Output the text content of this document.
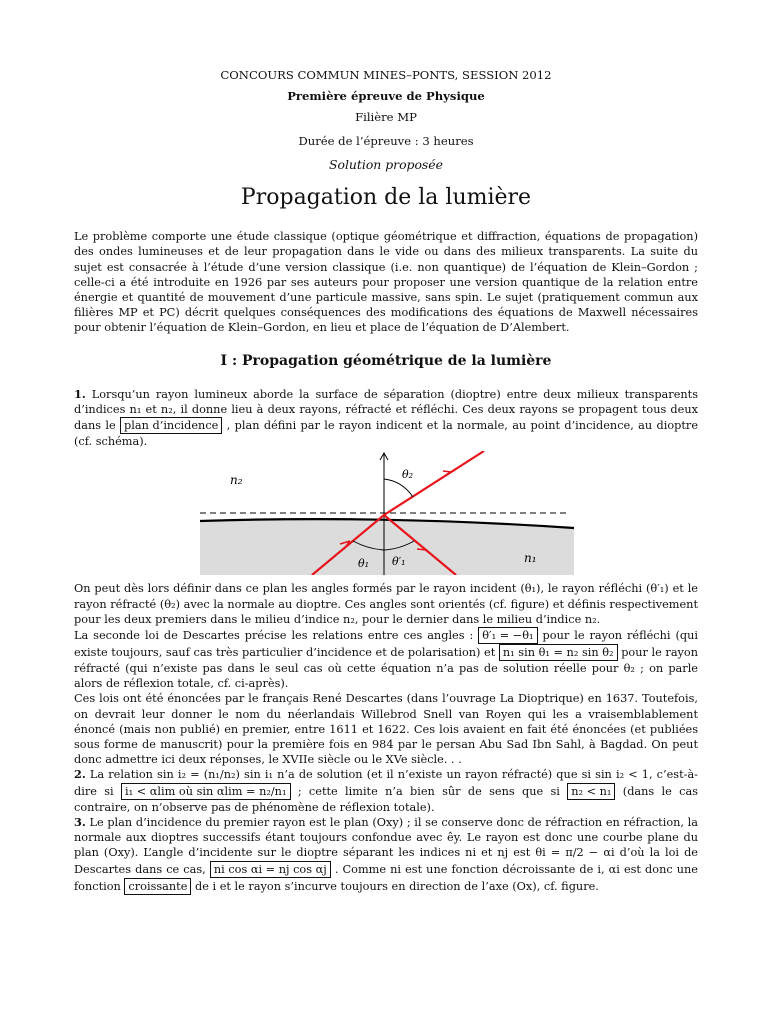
CONCOURS COMMUN MINES–PONTS, SESSION 2012
Première épreuve de Physique
Filière MP
Durée de l’épreuve : 3 heures
Solution proposée
Propagation de la lumière

Le problème comporte une étude classique (optique géométrique et diffraction, équations de propagation) des ondes lumineuses et de leur propagation dans le vide ou dans des milieux transparents. La suite du sujet est consacrée à l’étude d’une version classique (i.e. non quantique) de l’équation de Klein–Gordon ; celle-ci a été introduite en 1926 par ses auteurs pour proposer une version quantique de la relation entre énergie et quantité de mouvement d’une particule massive, sans spin. Le sujet (pratiquement commun aux filières MP et PC) décrit quelques conséquences des modifications des équations de Maxwell nécessaires pour obtenir l’équation de Klein–Gordon, en lieu et place de l’équation de D’Alembert.

I : Propagation géométrique de la lumière

1. Lorsqu’un rayon lumineux aborde la surface de séparation (dioptre) entre deux milieux transparents d’indices n₁ et n₂, il donne lieu à deux rayons, réfracté et réfléchi. Ces deux rayons se propagent tous deux dans le plan d’incidence , plan défini par le rayon indicent et la normale, au point d’incidence, au dioptre (cf. schéma).

n₂
n₁
θ₂
θ₁ θ′₁

On peut dès lors définir dans ce plan les angles formés par le rayon incident (θ₁), le rayon réfléchi (θ′₁) et le rayon réfracté (θ₂) avec la normale au dioptre. Ces angles sont orientés (cf. figure) et définis respectivement pour les deux premiers dans le milieu d’indice n₂, pour le dernier dans le milieu d’indice n₂.

La seconde loi de Descartes précise les relations entre ces angles : θ′₁ = −θ₁ pour le rayon réfléchi (qui existe toujours, sauf cas très particulier d’incidence et de polarisation) et n₁ sin θ₁ = n₂ sin θ₂ pour le rayon réfracté (qui n’existe pas dans le seul cas où cette équation n’a pas de solution réelle pour θ₂ ; on parle alors de réflexion totale, cf. ci-après).

Ces lois ont été énoncées par le français René Descartes (dans l’ouvrage La Dioptrique) en 1637. Toutefois, on devrait leur donner le nom du néerlandais Willebrod Snell van Royen qui les a vraisemblablement énoncé (mais non publié) en premier, entre 1611 et 1622. Ces lois avaient en fait été énoncées (et publiées sous forme de manuscrit) pour la première fois en 984 par le persan Abu Sad Ibn Sahl, à Bagdad. On peut donc admettre ici deux réponses, le XVIIe siècle ou le XVe siècle. . .

2. La relation sin i₂ = (n₁/n₂) sin i₁ n’a de solution (et il n’existe un rayon réfracté) que si sin i₂ < 1, c’est-à-dire si i₁ < αlim où sin αlim = n₂/n₁ ; cette limite n’a bien sûr de sens que si n₂ < n₁ (dans le cas contraire, on n’observe pas de phénomène de réflexion totale).

3. Le plan d’incidence du premier rayon est le plan (Oxy) ; il se conserve donc de réfraction en réfraction, la normale aux dioptres successifs étant toujours confondue avec êy. Le rayon est donc une courbe plane du plan (Oxy). L’angle d’incidente sur le dioptre séparant les indices ni et nj est θi = π/2 − αi d’où la loi de Descartes dans ce cas, ni cos αi = nj cos αj . Comme ni est une fonction décroissante de i, αi est donc une fonction croissante de i et le rayon s’incurve toujours en direction de l’axe (Ox), cf. figure.
